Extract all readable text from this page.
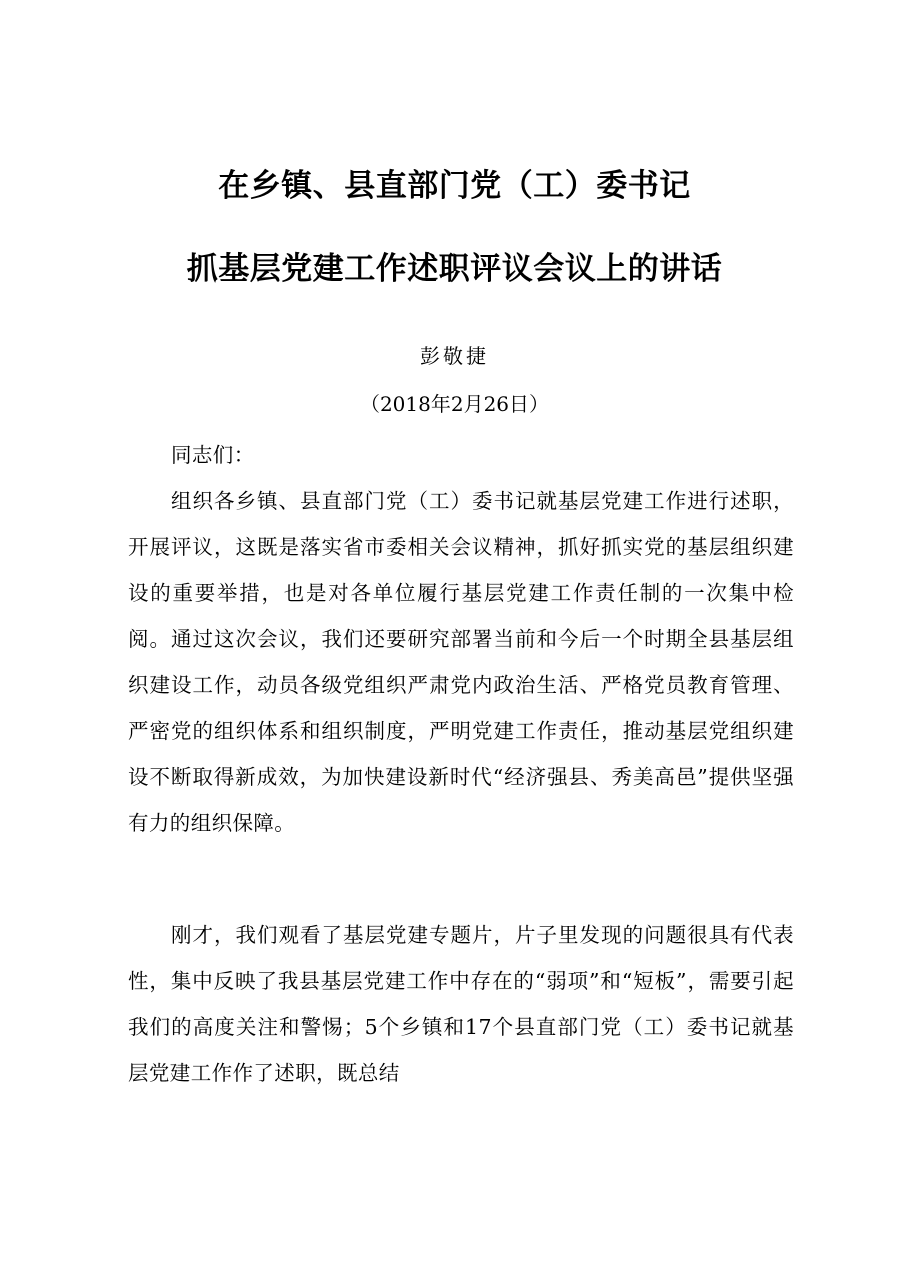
在乡镇、县直部门党（工）委书记
抓基层党建工作述职评议会议上的讲话
彭敬捷
（2018年2月26日）
同志们：
组织各乡镇、县直部门党（工）委书记就基层党建工作进行述职，开展评议，这既是落实省市委相关会议精神，抓好抓实党的基层组织建设的重要举措，也是对各单位履行基层党建工作责任制的一次集中检阅。通过这次会议，我们还要研究部署当前和今后一个时期全县基层组织建设工作，动员各级党组织严肃党内政治生活、严格党员教育管理、严密党的组织体系和组织制度，严明党建工作责任，推动基层党组织建设不断取得新成效，为加快建设新时代“经济强县、秀美高邑”提供坚强有力的组织保障。
刚才，我们观看了基层党建专题片，片子里发现的问题很具有代表性，集中反映了我县基层党建工作中存在的“弱项”和“短板”，需要引起我们的高度关注和警惕；5个乡镇和17个县直部门党（工）委书记就基层党建工作作了述职，既总结
